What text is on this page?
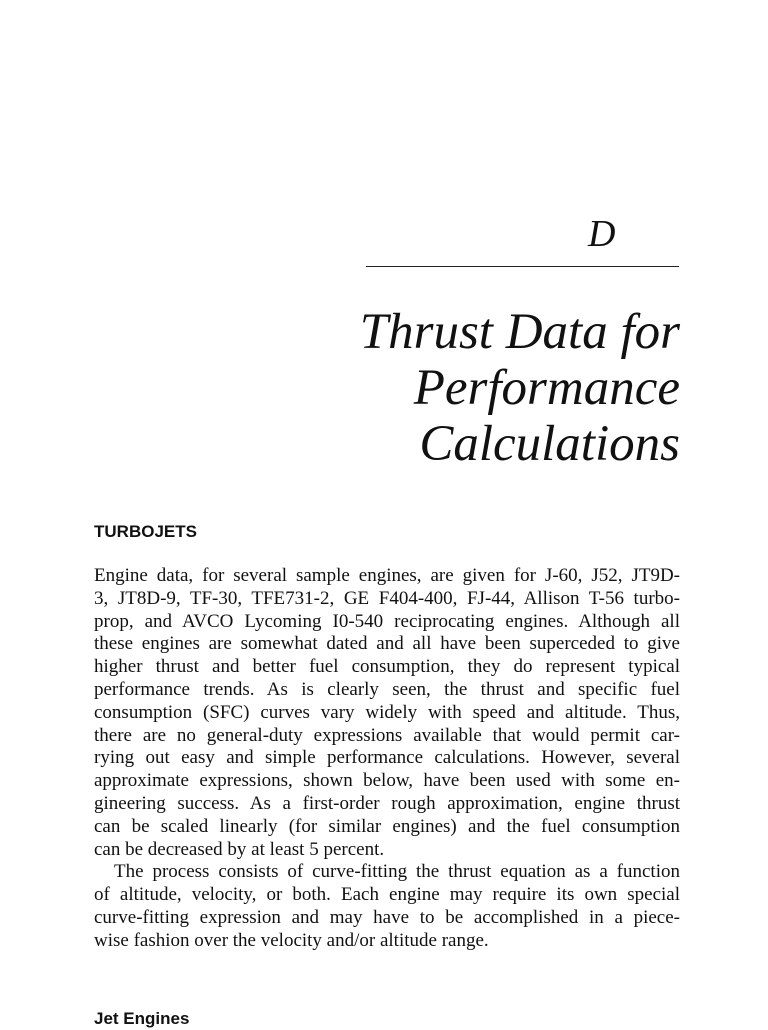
D
Thrust Data for
Performance
Calculations
TURBOJETS
Engine data, for several sample engines, are given for J-60, J52, JT9D-
3, JT8D-9, TF-30, TFE731-2, GE F404-400, FJ-44, Allison T-56 turbo-
prop, and AVCO Lycoming I0-540 reciprocating engines. Although all
these engines are somewhat dated and all have been superceded to give
higher thrust and better fuel consumption, they do represent typical
performance trends. As is clearly seen, the thrust and specific fuel
consumption (SFC) curves vary widely with speed and altitude. Thus,
there are no general-duty expressions available that would permit car-
rying out easy and simple performance calculations. However, several
approximate expressions, shown below, have been used with some en-
gineering success. As a first-order rough approximation, engine thrust
can be scaled linearly (for similar engines) and the fuel consumption
can be decreased by at least 5 percent.
The process consists of curve-fitting the thrust equation as a function
of altitude, velocity, or both. Each engine may require its own special
curve-fitting expression and may have to be accomplished in a piece-
wise fashion over the velocity and/or altitude range.
Jet Engines
